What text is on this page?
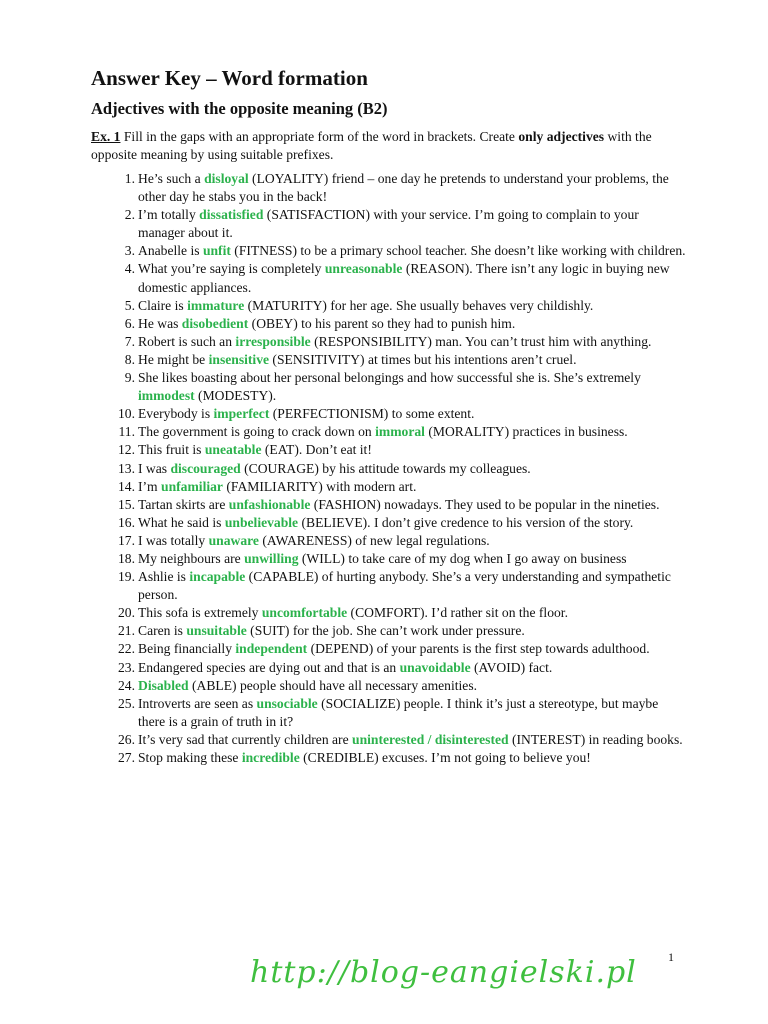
Answer Key – Word formation
Adjectives with the opposite meaning (B2)
Ex. 1 Fill in the gaps with an appropriate form of the word in brackets. Create only adjectives with the opposite meaning by using suitable prefixes.
1. He’s such a disloyal (LOYALITY) friend – one day he pretends to understand your problems, the other day he stabs you in the back!
2. I’m totally dissatisfied (SATISFACTION) with your service. I’m going to complain to your manager about it.
3. Anabelle is unfit (FITNESS) to be a primary school teacher. She doesn’t like working with children.
4. What you’re saying is completely unreasonable (REASON). There isn’t any logic in buying new domestic appliances.
5. Claire is immature (MATURITY) for her age. She usually behaves very childishly.
6. He was disobedient (OBEY) to his parent so they had to punish him.
7. Robert is such an irresponsible (RESPONSIBILITY) man. You can’t trust him with anything.
8. He might be insensitive (SENSITIVITY) at times but his intentions aren’t cruel.
9. She likes boasting about her personal belongings and how successful she is. She’s extremely immodest (MODESTY).
10. Everybody is imperfect (PERFECTIONISM) to some extent.
11. The government is going to crack down on immoral (MORALITY) practices in business.
12. This fruit is uneatable (EAT). Don’t eat it!
13. I was discouraged (COURAGE) by his attitude towards my colleagues.
14. I’m unfamiliar (FAMILIARITY) with modern art.
15. Tartan skirts are unfashionable (FASHION) nowadays. They used to be popular in the nineties.
16. What he said is unbelievable (BELIEVE). I don’t give credence to his version of the story.
17. I was totally unaware (AWARENESS) of new legal regulations.
18. My neighbours are unwilling (WILL) to take care of my dog when I go away on business
19. Ashlie is incapable (CAPABLE) of hurting anybody. She’s a very understanding and sympathetic person.
20. This sofa is extremely uncomfortable (COMFORT). I’d rather sit on the floor.
21. Caren is unsuitable (SUIT) for the job. She can’t work under pressure.
22. Being financially independent (DEPEND) of your parents is the first step towards adulthood.
23. Endangered species are dying out and that is an unavoidable (AVOID) fact.
24. Disabled (ABLE) people should have all necessary amenities.
25. Introverts are seen as unsociable (SOCIALIZE) people. I think it’s just a stereotype, but maybe there is a grain of truth in it?
26. It’s very sad that currently children are uninterested / disinterested (INTEREST) in reading books.
27. Stop making these incredible (CREDIBLE) excuses. I’m not going to believe you!
1
http://blog-eangielski.pl
